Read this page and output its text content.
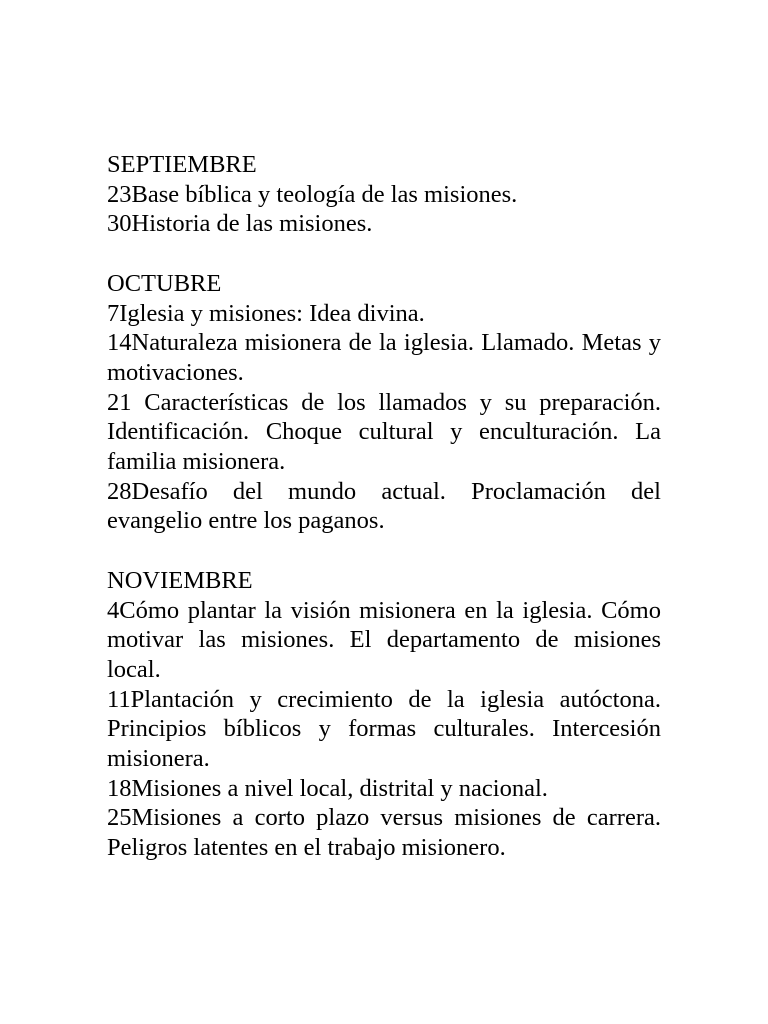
SEPTIEMBRE

23Base bíblica y teología de las misiones.

30Historia de las misiones.

OCTUBRE

7Iglesia y misiones: Idea divina.

14Naturaleza misionera de la iglesia. Llamado. Metas y motivaciones.

21 Características de los llamados y su preparación. Identificación. Choque cultural y enculturación. La familia misionera.

28Desafío del mundo actual. Proclamación del evangelio entre los paganos.

NOVIEMBRE

4Cómo plantar la visión misionera en la iglesia. Cómo motivar las misiones. El departamento de misiones local.

11Plantación y crecimiento de la iglesia autóctona. Principios bíblicos y formas culturales. Intercesión misionera.

18Misiones a nivel local, distrital y nacional.

25Misiones a corto plazo versus misiones de carrera. Peligros latentes en el trabajo misionero.
